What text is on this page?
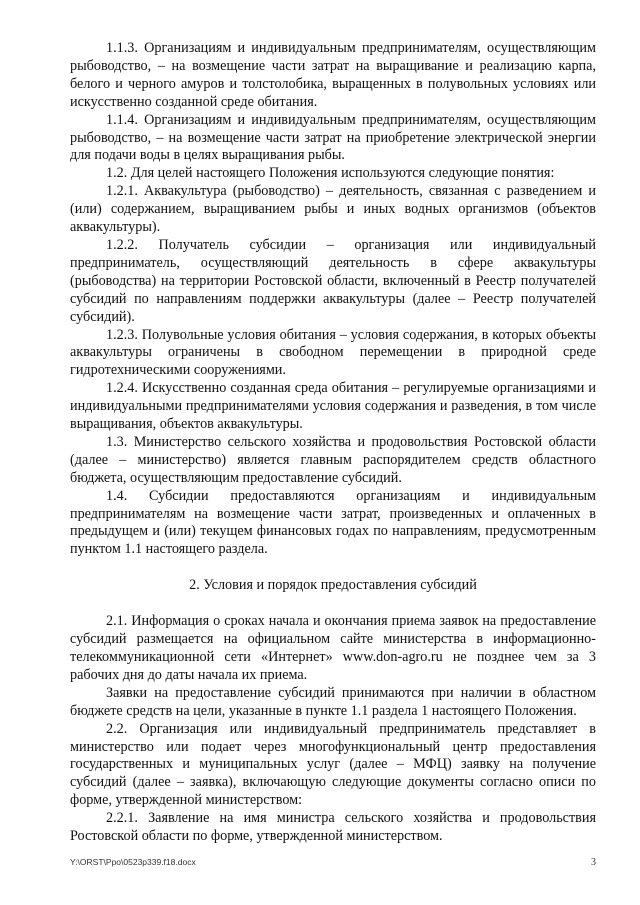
1.1.3. Организациям и индивидуальным предпринимателям, осуществляющим рыбоводство, – на возмещение части затрат на выращивание и реализацию карпа, белого и черного амуров и толстолобика, выращенных в полувольных условиях или искусственно созданной среде обитания.

1.1.4. Организациям и индивидуальным предпринимателям, осуществляющим рыбоводство, – на возмещение части затрат на приобретение электрической энергии для подачи воды в целях выращивания рыбы.

1.2. Для целей настоящего Положения используются следующие понятия:

1.2.1. Аквакультура (рыбоводство) – деятельность, связанная с разведением и (или) содержанием, выращиванием рыбы и иных водных организмов (объектов аквакультуры).

1.2.2. Получатель субсидии – организация или индивидуальный предприниматель, осуществляющий деятельность в сфере аквакультуры (рыбоводства) на территории Ростовской области, включенный в Реестр получателей субсидий по направлениям поддержки аквакультуры (далее – Реестр получателей субсидий).

1.2.3. Полувольные условия обитания – условия содержания, в которых объекты аквакультуры ограничены в свободном перемещении в природной среде гидротехническими сооружениями.

1.2.4. Искусственно созданная среда обитания – регулируемые организациями и индивидуальными предпринимателями условия содержания и разведения, в том числе выращивания, объектов аквакультуры.

1.3. Министерство сельского хозяйства и продовольствия Ростовской области (далее – министерство) является главным распорядителем средств областного бюджета, осуществляющим предоставление субсидий.

1.4. Субсидии предоставляются организациям и индивидуальным предпринимателям на возмещение части затрат, произведенных и оплаченных в предыдущем и (или) текущем финансовых годах по направлениям, предусмотренным пунктом 1.1 настоящего раздела.

2. Условия и порядок предоставления субсидий

2.1. Информация о сроках начала и окончания приема заявок на предоставление субсидий размещается на официальном сайте министерства в информационно-телекоммуникационной сети «Интернет» www.don-agro.ru не позднее чем за 3 рабочих дня до даты начала их приема.

Заявки на предоставление субсидий принимаются при наличии в областном бюджете средств на цели, указанные в пункте 1.1 раздела 1 настоящего Положения.

2.2. Организация или индивидуальный предприниматель представляет в министерство или подает через многофункциональный центр предоставления государственных и муниципальных услуг (далее – МФЦ) заявку на получение субсидий (далее – заявка), включающую следующие документы согласно описи по форме, утвержденной министерством:

2.2.1. Заявление на имя министра сельского хозяйства и продовольствия Ростовской области по форме, утвержденной министерством.

Y:\ORST\Ppo\0523p339.f18.docx	3
